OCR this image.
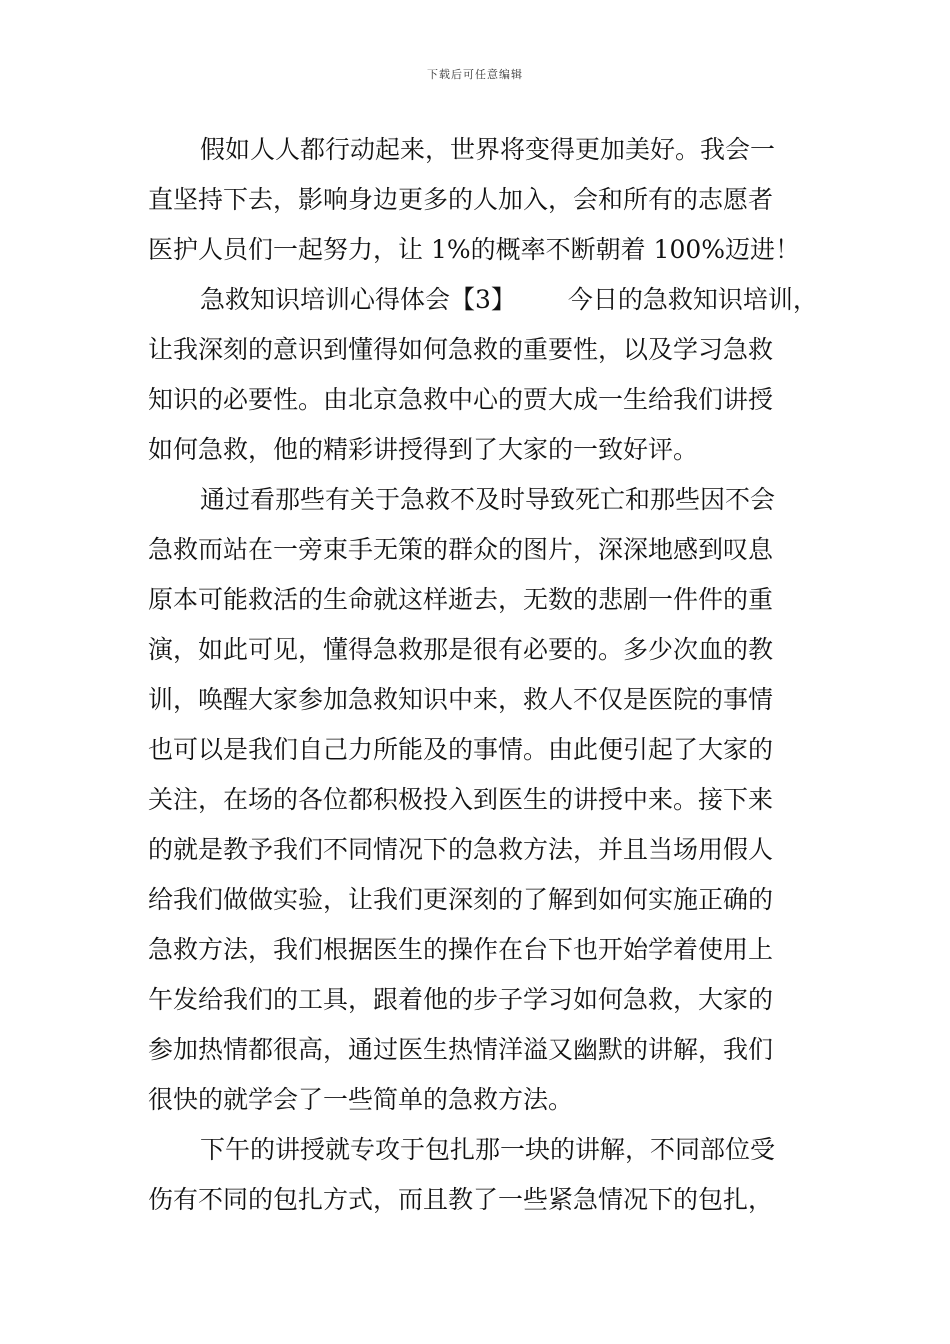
下载后可任意编辑
假如人人都行动起来，世界将变得更加美好。我会一
直坚持下去，影响身边更多的人加入，会和所有的志愿者
医护人员们一起努力，让 1%的概率不断朝着 100%迈进！
急救知识培训心得体会【3】 今日的急救知识培训，
让我深刻的意识到懂得如何急救的重要性，以及学习急救
知识的必要性。由北京急救中心的贾大成一生给我们讲授
如何急救，他的精彩讲授得到了大家的一致好评。
通过看那些有关于急救不及时导致死亡和那些因不会
急救而站在一旁束手无策的群众的图片，深深地感到叹息
原本可能救活的生命就这样逝去，无数的悲剧一件件的重
演，如此可见，懂得急救那是很有必要的。多少次血的教
训，唤醒大家参加急救知识中来，救人不仅是医院的事情
也可以是我们自己力所能及的事情。由此便引起了大家的
关注，在场的各位都积极投入到医生的讲授中来。接下来
的就是教予我们不同情况下的急救方法，并且当场用假人
给我们做做实验，让我们更深刻的了解到如何实施正确的
急救方法，我们根据医生的操作在台下也开始学着使用上
午发给我们的工具，跟着他的步子学习如何急救，大家的
参加热情都很高，通过医生热情洋溢又幽默的讲解，我们
很快的就学会了一些简单的急救方法。
下午的讲授就专攻于包扎那一块的讲解，不同部位受
伤有不同的包扎方式，而且教了一些紧急情况下的包扎，
